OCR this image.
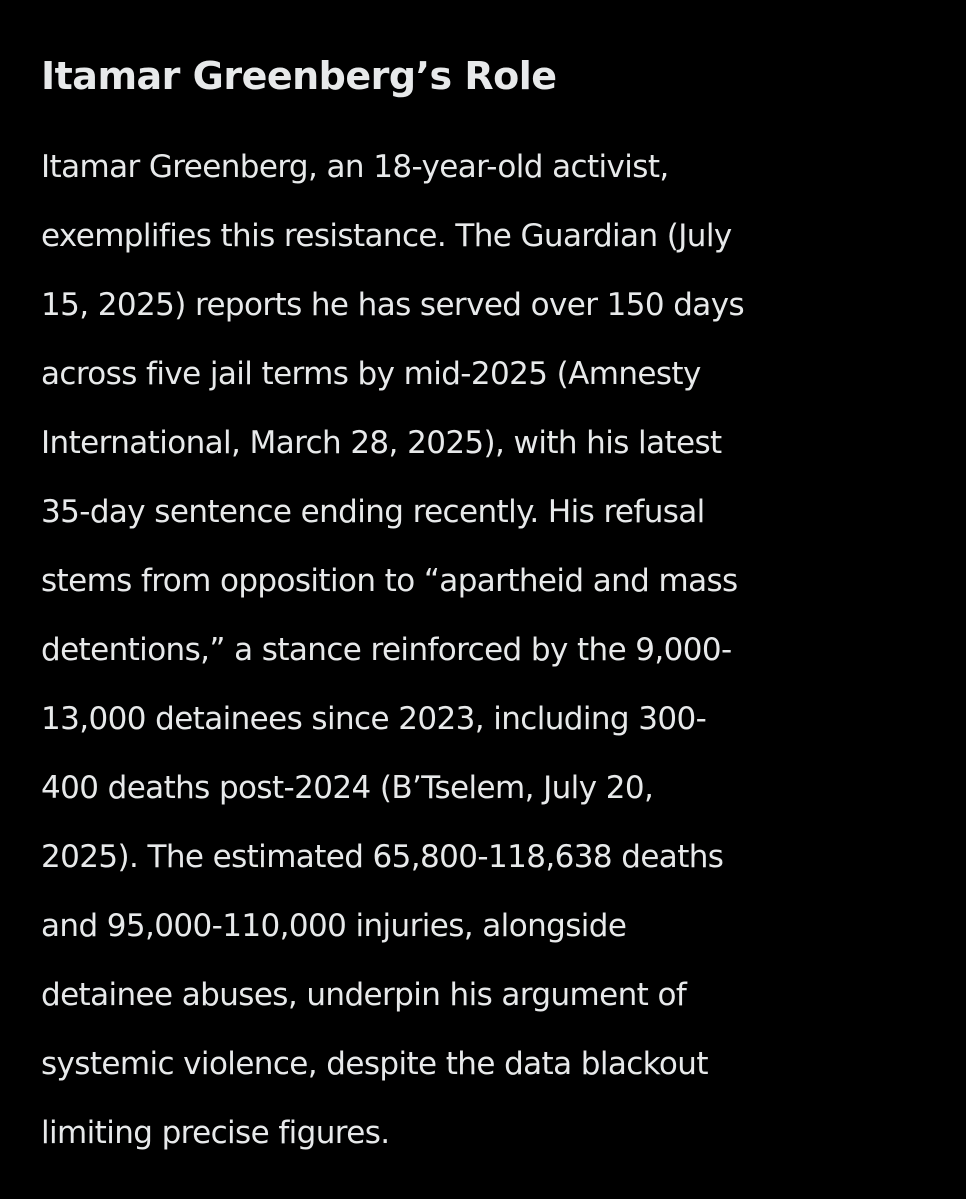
Itamar Greenberg’s Role

Itamar Greenberg, an 18-year-old activist,
exemplifies this resistance. The Guardian (July
15, 2025) reports he has served over 150 days
across five jail terms by mid-2025 (Amnesty
International, March 28, 2025), with his latest
35-day sentence ending recently. His refusal
stems from opposition to “apartheid and mass
detentions,” a stance reinforced by the 9,000-
13,000 detainees since 2023, including 300-
400 deaths post-2024 (B’Tselem, July 20,
2025). The estimated 65,800-118,638 deaths
and 95,000-110,000 injuries, alongside
detainee abuses, underpin his argument of
systemic violence, despite the data blackout
limiting precise figures.
